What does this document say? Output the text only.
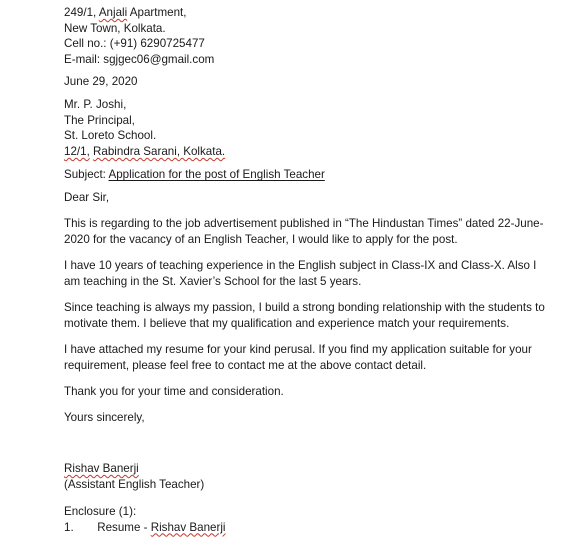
249/1, Anjali Apartment,
New Town, Kolkata.
Cell no.: (+91) 6290725477
E-mail: sgjgec06@gmail.com
June 29, 2020
Mr. P. Joshi,
The Principal,
St. Loreto School.
12/1, Rabindra Sarani, Kolkata.
Subject: Application for the post of English Teacher
Dear Sir,
This is regarding to the job advertisement published in “The Hindustan Times” dated 22-June-2020 for the vacancy of an English Teacher, I would like to apply for the post.
I have 10 years of teaching experience in the English subject in Class-IX and Class-X. Also I am teaching in the St. Xavier’s School for the last 5 years.
Since teaching is always my passion, I build a strong bonding relationship with the students to motivate them. I believe that my qualification and experience match your requirements.
I have attached my resume for your kind perusal. If you find my application suitable for your requirement, please feel free to contact me at the above contact detail.
Thank you for your time and consideration.
Yours sincerely,
Rishav Banerji
(Assistant English Teacher)
Enclosure (1):
1. Resume - Rishav Banerji
